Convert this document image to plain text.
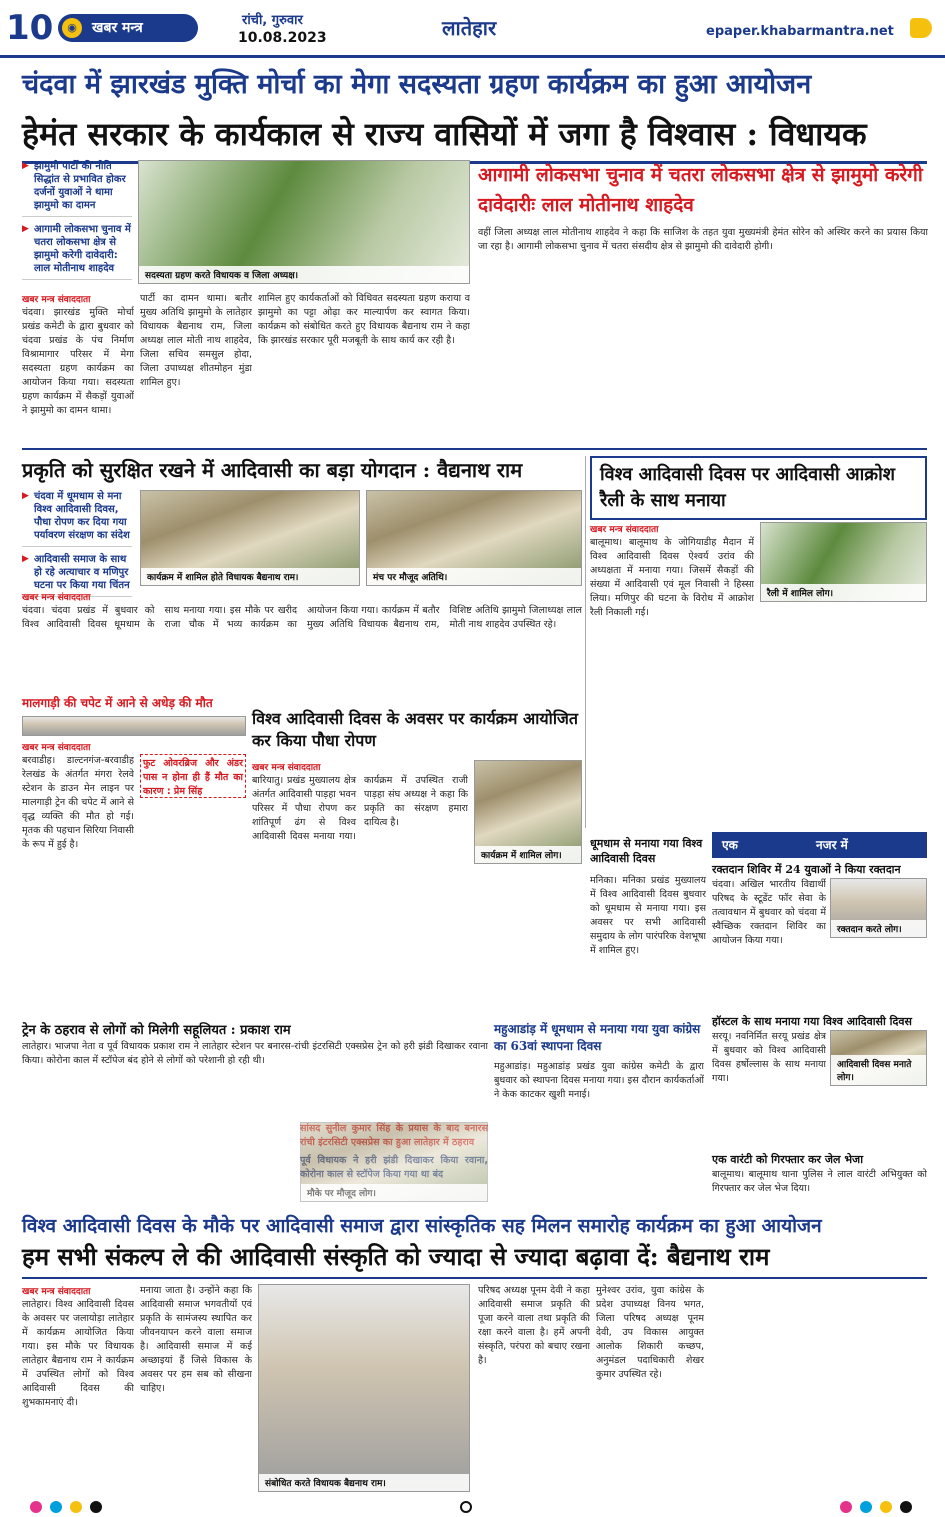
10	◉	खबर मन्त्र	रांची, गुरुवार
10.08.2023	लातेहार	epaper.khabarmantra.net
चंदवा में झारखंड मुक्ति मोर्चा का मेगा सदस्यता ग्रहण कार्यक्रम का हुआ आयोजन
हेमंत सरकार के कार्यकाल से राज्य वासियों में जगा है विश्वास : विधायक
▶ झामुमो पार्टी की नीति सिद्धांत से प्रभावित होकर दर्जनों युवाओं ने थामा झामुमो का दामन
▶ आगामी लोकसभा चुनाव में चतरा लोकसभा क्षेत्र से झामुमो करेगी दावेदारी: लाल मोतीनाथ शाहदेव
सदस्यता ग्रहण करते विधायक व जिला अध्यक्ष।
आगामी लोकसभा चुनाव में चतरा लोकसभा क्षेत्र से झामुमो करेगी दावेदारीः लाल मोतीनाथ शाहदेव
खबर मन्त्र संवाददाता
चंदवा। झारखंड मुक्ति मोर्चा प्रखंड कमेटी के द्वारा बुधवार को चंदवा प्रखंड के पंच निर्माण विश्रामागार परिसर में मेगा सदस्यता ग्रहण कार्यक्रम का आयोजन किया गया। सदस्यता ग्रहण कार्यक्रम में सैकड़ों युवाओं ने झामुमो का दामन थामा।
पार्टी का दामन थामा। बतौर मुख्य अतिथि झामुमो के लातेहार विधायक बैद्यनाथ राम, जिला अध्यक्ष लाल मोती नाथ शाहदेव, जिला सचिव समसुल होदा, जिला उपाध्यक्ष शीतमोहन मुंडा शामिल हुए।
शामिल हुए कार्यकर्ताओं को विधिवत सदस्यता ग्रहण कराया व झामुमो का पट्टा ओढ़ा कर माल्यार्पण कर स्वागत किया। कार्यक्रम को संबोधित करते हुए विधायक बैद्यनाथ राम ने कहा कि झारखंड सरकार पूरी मजबूती के साथ कार्य कर रही है।
वहीं जिला अध्यक्ष लाल मोतीनाथ शाहदेव ने कहा कि साजिश के तहत युवा मुख्यमंत्री हेमंत सोरेन को अस्थिर करने का प्रयास किया जा रहा है। आगामी लोकसभा चुनाव में चतरा संसदीय क्षेत्र से झामुमो की दावेदारी होगी।
प्रकृति को सुरक्षित रखने में आदिवासी का बड़ा योगदान : वैद्यनाथ राम
▶ चंदवा में धूमधाम से मना विश्व आदिवासी दिवस, पौधा रोपण कर दिया गया पर्यावरण संरक्षण का संदेश
▶ आदिवासी समाज के साथ हो रहे अत्याचार व मणिपुर घटना पर किया गया चिंतन
कार्यक्रम में शामिल होते विधायक बैद्यनाथ राम।	मंच पर मौजूद अतिथि।
खबर मन्त्र संवाददाता
चंदवा। चंदवा प्रखंड में बुधवार को विश्व आदिवासी दिवस धूमधाम के साथ मनाया गया। इस मौके पर खरीद राजा चौक में भव्य कार्यक्रम का आयोजन किया गया। कार्यक्रम में बतौर मुख्य अतिथि विधायक बैद्यनाथ राम, विशिष्ट अतिथि झामुमो जिलाध्यक्ष लाल मोती नाथ शाहदेव उपस्थित रहे।
विश्व आदिवासी दिवस पर आदिवासी आक्रोश रैली के साथ मनाया
खबर मन्त्र संवाददाता
रैली में शामिल लोग।
बालूमाथ। बालूमाथ के जोगियाडीह मैदान में विश्व आदिवासी दिवस ऐश्वर्य उरांव की अध्यक्षता में मनाया गया। जिसमें सैकड़ों की संख्या में आदिवासी एवं मूल निवासी ने हिस्सा लिया। मणिपुर की घटना के विरोध में आक्रोश रैली निकाली गई।
मालगाड़ी की चपेट में आने से अधेड़ की मौत
खबर मन्त्र संवाददाता
बरवाडीह। डाल्टनगंज-बरवाडीह रेलखंड के अंतर्गत मंगरा रेलवे स्टेशन के डाउन मेन लाइन पर मालगाड़ी ट्रेन की चपेट में आने से वृद्ध व्यक्ति की मौत हो गई। मृतक की पहचान सिरिया निवासी के रूप में हुई है।
फुट ओवरब्रिज और अंडर पास न होना ही हैं मौत का कारण : प्रेम सिंह
विश्व आदिवासी दिवस के अवसर पर कार्यक्रम आयोजित कर किया पौधा रोपण
खबर मन्त्र संवाददाता
कार्यक्रम में शामिल लोग।
बारियातु। प्रखंड मुख्यालय क्षेत्र अंतर्गत आदिवासी पाड़हा भवन परिसर में पौधा रोपण कर शांतिपूर्ण ढंग से विश्व आदिवासी दिवस मनाया गया। कार्यक्रम में उपस्थित राजी पाड़हा संघ अध्यक्ष ने कहा कि प्रकृति का संरक्षण हमारा दायित्व है।
धूमधाम से मनाया गया विश्व आदिवासी दिवस
मनिका। मनिका प्रखंड मुख्यालय में विश्व आदिवासी दिवस बुधवार को धूमधाम से मनाया गया। इस अवसर पर सभी आदिवासी समुदाय के लोग पारंपरिक वेशभूषा में शामिल हुए।
एक	नजर में
रक्तदान शिविर में 24 युवाओं ने किया रक्तदान
रक्तदान करते लोग।
चंदवा। अखिल भारतीय विद्यार्थी परिषद के स्टूडेंट फॉर सेवा के तत्वावधान में बुधवार को चंदवा में स्वैच्छिक रक्तदान शिविर का आयोजन किया गया।
हॉस्टल के साथ मनाया गया विश्व आदिवासी दिवस
आदिवासी दिवस मनाते लोग।
सरयू। नवनिर्मित सरयू प्रखंड क्षेत्र में बुधवार को विश्व आदिवासी दिवस हर्षोल्लास के साथ मनाया गया।
ट्रेन के ठहराव से लोगों को मिलेगी सहूलियत : प्रकाश राम
लातेहार। भाजपा नेता व पूर्व विधायक प्रकाश राम ने लातेहार स्टेशन पर बनारस-रांची इंटरसिटी एक्सप्रेस ट्रेन को हरी झंडी दिखाकर रवाना किया। कोरोना काल में स्टॉपेज बंद होने से लोगों को परेशानी हो रही थी।
मौके पर मौजूद लोग।
महुआडांड़ में धूमधाम से मनाया गया युवा कांग्रेस का 63वां स्थापना दिवस
महुआडांड़। महुआडांड़ प्रखंड युवा कांग्रेस कमेटी के द्वारा बुधवार को स्थापना दिवस मनाया गया। इस दौरान कार्यकर्ताओं ने केक काटकर खुशी मनाई।
एक वारंटी को गिरफ्तार कर जेल भेजा
बालूमाथ। बालूमाथ थाना पुलिस ने लाल वारंटी अभियुक्त को गिरफ्तार कर जेल भेज दिया।
विश्व आदिवासी दिवस के मौके पर आदिवासी समाज द्वारा सांस्कृतिक सह मिलन समारोह कार्यक्रम का हुआ आयोजन
हम सभी संकल्प ले की आदिवासी संस्कृति को ज्यादा से ज्यादा बढ़ावा दें: बैद्यनाथ राम
खबर मन्त्र संवाददाता
लातेहार। विश्व आदिवासी दिवस के अवसर पर जलायोड़ा लातेहार में कार्यक्रम आयोजित किया गया। इस मौके पर विधायक लातेहार बैद्यनाथ राम ने कार्यक्रम में उपस्थित लोगों को विश्व आदिवासी दिवस की शुभकामनाएं दी।
मनाया जाता है। उन्होंने कहा कि आदिवासी समाज भगवतीयों एवं प्रकृति के सामंजस्य स्थापित कर जीवनयापन करने वाला समाज है। आदिवासी समाज में कई अच्छाइयां हैं जिसे विकास के अवसर पर हम सब को सीखना चाहिए।
संबोधित करते विधायक बैद्यनाथ राम।
परिषद अध्यक्ष पूनम देवी ने कहा आदिवासी समाज प्रकृति की पूजा करने वाला तथा प्रकृति की रक्षा करने वाला है। हमें अपनी संस्कृति, परंपरा को बचाए रखना है।
मुनेश्वर उरांव, युवा कांग्रेस के प्रदेश उपाध्यक्ष विनय भगत, जिला परिषद अध्यक्ष पूनम देवी, उप विकास आयुक्त आलोक शिकारी कच्छप, अनुमंडल पदाधिकारी शेखर कुमार उपस्थित रहे।
